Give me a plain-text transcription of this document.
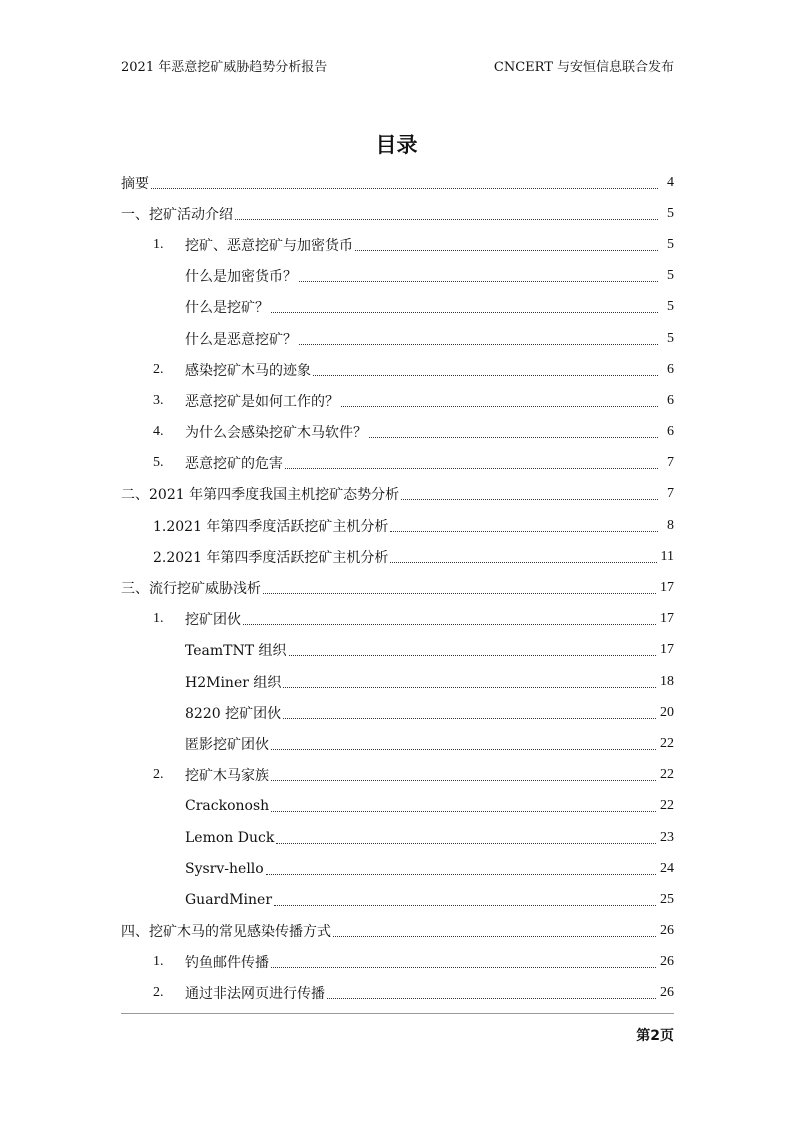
2021 年恶意挖矿威胁趋势分析报告	CNCERT 与安恒信息联合发布
目录
摘要	4
一、挖矿活动介绍	5
1.	挖矿、恶意挖矿与加密货币	5
什么是加密货币？	5
什么是挖矿？	5
什么是恶意挖矿？	5
2.	感染挖矿木马的迹象	6
3.	恶意挖矿是如何工作的？	6
4.	为什么会感染挖矿木马软件？	6
5.	恶意挖矿的危害	7
二、2021 年第四季度我国主机挖矿态势分析	7
1.2021 年第四季度活跃挖矿主机分析	8
2.2021 年第四季度活跃挖矿主机分析	11
三、流行挖矿威胁浅析	17
1.	挖矿团伙	17
TeamTNT 组织	17
H2Miner 组织	18
8220 挖矿团伙	20
匿影挖矿团伙	22
2.	挖矿木马家族	22
Crackonosh	22
Lemon Duck	23
Sysrv-hello	24
GuardMiner	25
四、挖矿木马的常见感染传播方式	26
1.	钓鱼邮件传播	26
2.	通过非法网页进行传播	26
第2页
